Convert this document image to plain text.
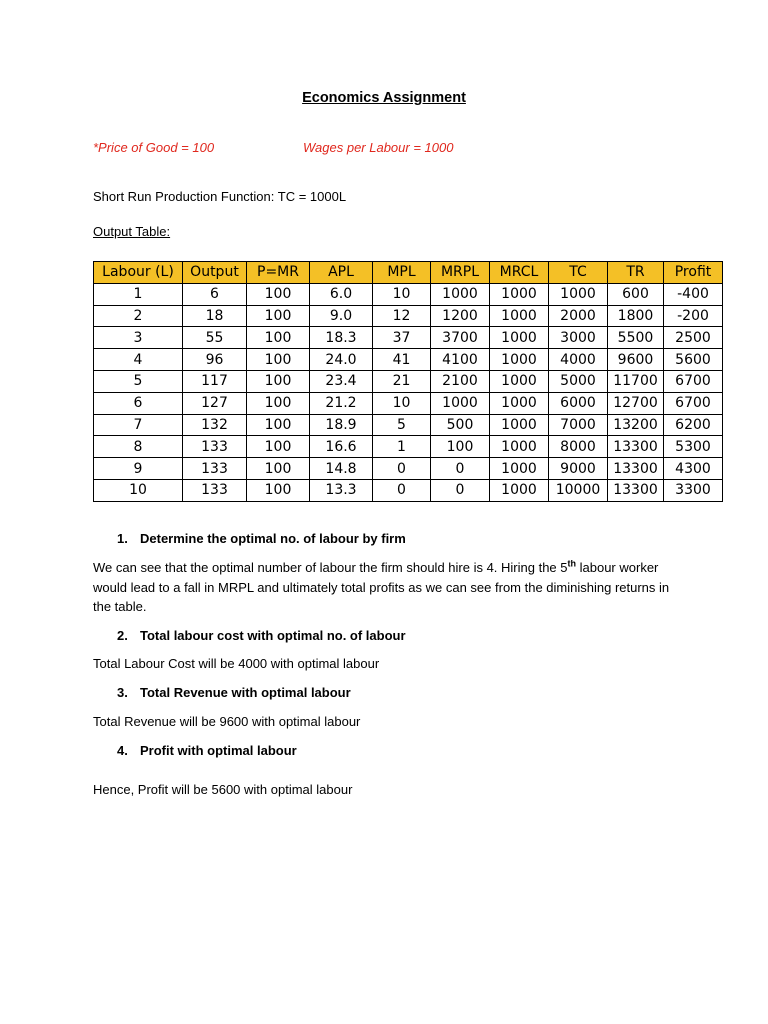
Economics Assignment
*Price of Good = 100	Wages per Labour = 1000
Short Run Production Function: TC = 1000L
Output Table:
Labour (L)	Output	P=MR	APL	MPL	MRPL	MRCL	TC	TR	Profit
1	6	100	6.0	10	1000	1000	1000	600	-400
2	18	100	9.0	12	1200	1000	2000	1800	-200
3	55	100	18.3	37	3700	1000	3000	5500	2500
4	96	100	24.0	41	4100	1000	4000	9600	5600
5	117	100	23.4	21	2100	1000	5000	11700	6700
6	127	100	21.2	10	1000	1000	6000	12700	6700
7	132	100	18.9	5	500	1000	7000	13200	6200
8	133	100	16.6	1	100	1000	8000	13300	5300
9	133	100	14.8	0	0	1000	9000	13300	4300
10	133	100	13.3	0	0	1000	10000	13300	3300
1. Determine the optimal no. of labour by firm
We can see that the optimal number of labour the firm should hire is 4. Hiring the 5th labour worker would lead to a fall in MRPL and ultimately total profits as we can see from the diminishing returns in the table.
2. Total labour cost with optimal no. of labour
Total Labour Cost will be 4000 with optimal labour
3. Total Revenue with optimal labour
Total Revenue will be 9600 with optimal labour
4. Profit with optimal labour
Hence, Profit will be 5600 with optimal labour
